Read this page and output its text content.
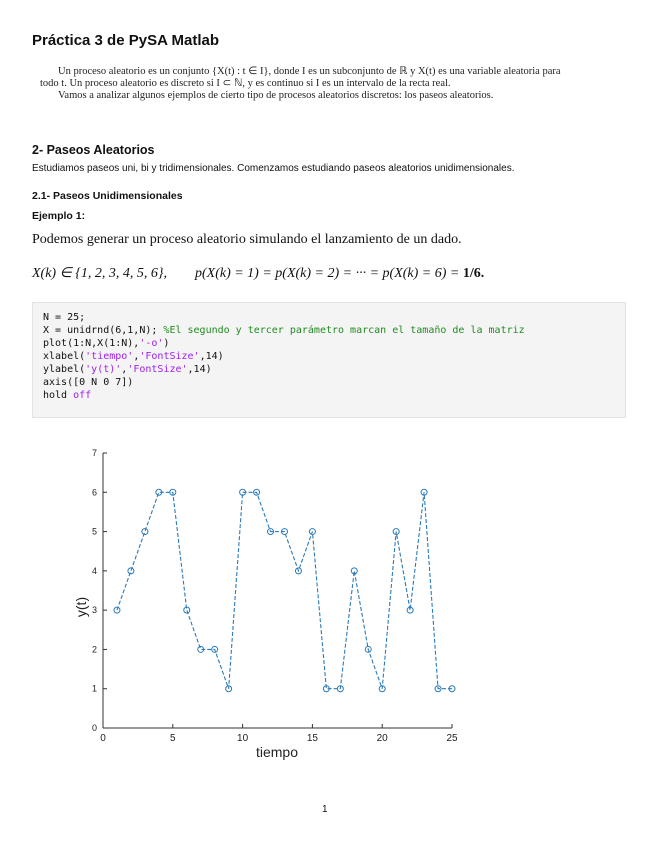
Práctica 3 de PySA Matlab

Un proceso aleatorio es un conjunto {X(t) : t ∈ I}, donde I es un subconjunto de ℝ y X(t) es una variable aleatoria para todo t. Un proceso aleatorio es discreto si I ⊂ ℕ, y es continuo si I es un intervalo de la recta real.

Vamos a analizar algunos ejemplos de cierto tipo de procesos aleatorios discretos: los paseos aleatorios.

2- Paseos Aleatorios
Estudiamos paseos uni, bi y tridimensionales. Comenzamos estudiando paseos aleatorios unidimensionales.
2.1- Paseos Unidimensionales
Ejemplo 1:
Podemos generar un proceso aleatorio simulando el lanzamiento de un dado.
X(k) ∈ {1, 2, 3, 4, 5, 6}, p(X(k) = 1) = p(X(k) = 2) = ··· = p(X(k) = 6) = 1/6.
N = 25;
X = unidrnd(6,1,N); %El segundo y tercer parámetro marcan el tamaño de la matriz
plot(1:N,X(1:N),'-o')
xlabel('tiempo','FontSize',14)
ylabel('y(t)','FontSize',14)
axis([0 N 0 7])
hold off
0
1
2
3
4
5
6
7
0	5	10	15	20	25
tiempo
y(t)
1
